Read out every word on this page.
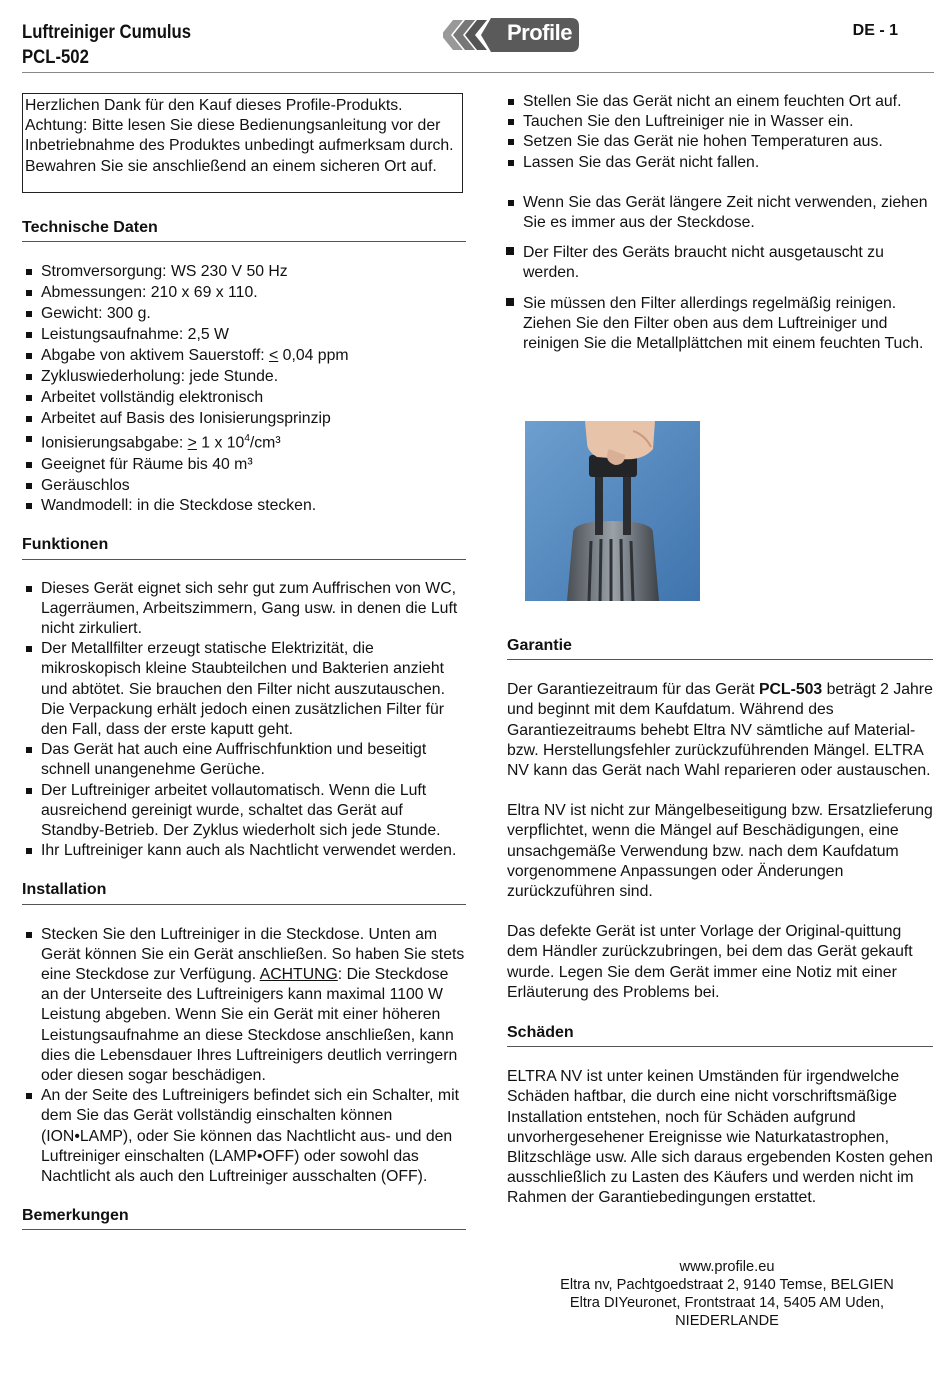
Luftreiniger Cumulus
PCL-502
Profile	DE - 1

Herzlichen Dank für den Kauf dieses Profile-Produkts. Achtung: Bitte lesen Sie diese Bedienungsanleitung vor der Inbetriebnahme des Produktes unbedingt aufmerksam durch. Bewahren Sie sie anschließend an einem sicheren Ort auf.

Technische Daten
Stromversorgung: WS 230 V 50 Hz
Abmessungen: 210 x 69 x 110.
Gewicht: 300 g.
Leistungsaufnahme: 2,5 W
Abgabe von aktivem Sauerstoff: < 0,04 ppm
Zykluswiederholung: jede Stunde.
Arbeitet vollständig elektronisch
Arbeitet auf Basis des Ionisierungsprinzip
Ionisierungsabgabe: > 1 x $10^4$/cm³
Geeignet für Räume bis 40 m³
Geräuschlos
Wandmodell: in die Steckdose stecken.
Funktionen
Dieses Gerät eignet sich sehr gut zum Auffrischen von WC, Lagerräumen, Arbeitszimmern, Gang usw. in denen die Luft nicht zirkuliert.
Der Metallfilter erzeugt statische Elektrizität, die mikroskopisch kleine Staubteilchen und Bakterien anzieht und abtötet. Sie brauchen den Filter nicht auszutauschen. Die Verpackung erhält jedoch einen zusätzlichen Filter für den Fall, dass der erste kaputt geht.
Das Gerät hat auch eine Auffrischfunktion und beseitigt schnell unangenehme Gerüche.
Der Luftreiniger arbeitet vollautomatisch. Wenn die Luft ausreichend gereinigt wurde, schaltet das Gerät auf Standby-Betrieb. Der Zyklus wiederholt sich jede Stunde.
Ihr Luftreiniger kann auch als Nachtlicht verwendet werden.
Installation
Stecken Sie den Luftreiniger in die Steckdose. Unten am Gerät können Sie ein Gerät anschließen. So haben Sie stets eine Steckdose zur Verfügung. ACHTUNG: Die Steckdose an der Unterseite des Luftreinigers kann maximal 1100 W Leistung abgeben. Wenn Sie ein Gerät mit einer höheren Leistungsaufnahme an diese Steckdose anschließen, kann dies die Lebensdauer Ihres Luftreinigers deutlich verringern oder diesen sogar beschädigen.
An der Seite des Luftreinigers befindet sich ein Schalter, mit dem Sie das Gerät vollständig einschalten können (ION•LAMP), oder Sie können das Nachtlicht aus- und den Luftreiniger einschalten (LAMP•OFF) oder sowohl das Nachtlicht als auch den Luftreiniger ausschalten (OFF).
Bemerkungen
Stellen Sie das Gerät nicht an einem feuchten Ort auf.
Tauchen Sie den Luftreiniger nie in Wasser ein.
Setzen Sie das Gerät nie hohen Temperaturen aus.
Lassen Sie das Gerät nicht fallen.
Wenn Sie das Gerät längere Zeit nicht verwenden, ziehen Sie es immer aus der Steckdose.
Der Filter des Geräts braucht nicht ausgetauscht zu werden.
Sie müssen den Filter allerdings regelmäßig reinigen. Ziehen Sie den Filter oben aus dem Luftreiniger und reinigen Sie die Metallplättchen mit einem feuchten Tuch.
Garantie

Der Garantiezeitraum für das Gerät PCL-503 beträgt 2 Jahre und beginnt mit dem Kaufdatum. Während des Garantiezeitraums behebt Eltra NV sämtliche auf Material- bzw. Herstellungsfehler zurückzuführenden Mängel. ELTRA NV kann das Gerät nach Wahl reparieren oder austauschen.

Eltra NV ist nicht zur Mängelbeseitigung bzw. Ersatzlieferung verpflichtet, wenn die Mängel auf Beschädigungen, eine unsachgemäße Verwendung bzw. nach dem Kaufdatum vorgenommene Anpassungen oder Änderungen zurückzuführen sind.

Das defekte Gerät ist unter Vorlage der Original-quittung dem Händler zurückzubringen, bei dem das Gerät gekauft wurde. Legen Sie dem Gerät immer eine Notiz mit einer Erläuterung des Problems bei.

Schäden

ELTRA NV ist unter keinen Umständen für irgendwelche Schäden haftbar, die durch eine nicht vorschriftsmäßige Installation entstehen, noch für Schäden aufgrund unvorhergesehener Ereignisse wie Naturkatastrophen, Blitzschläge usw. Alle sich daraus ergebenden Kosten gehen ausschließlich zu Lasten des Käufers und werden nicht im Rahmen der Garantiebedingungen erstattet.

www.profile.eu
Eltra nv, Pachtgoedstraat 2, 9140 Temse, BELGIEN
Eltra DIYeuronet, Frontstraat 14, 5405 AM Uden,
NIEDERLANDE
